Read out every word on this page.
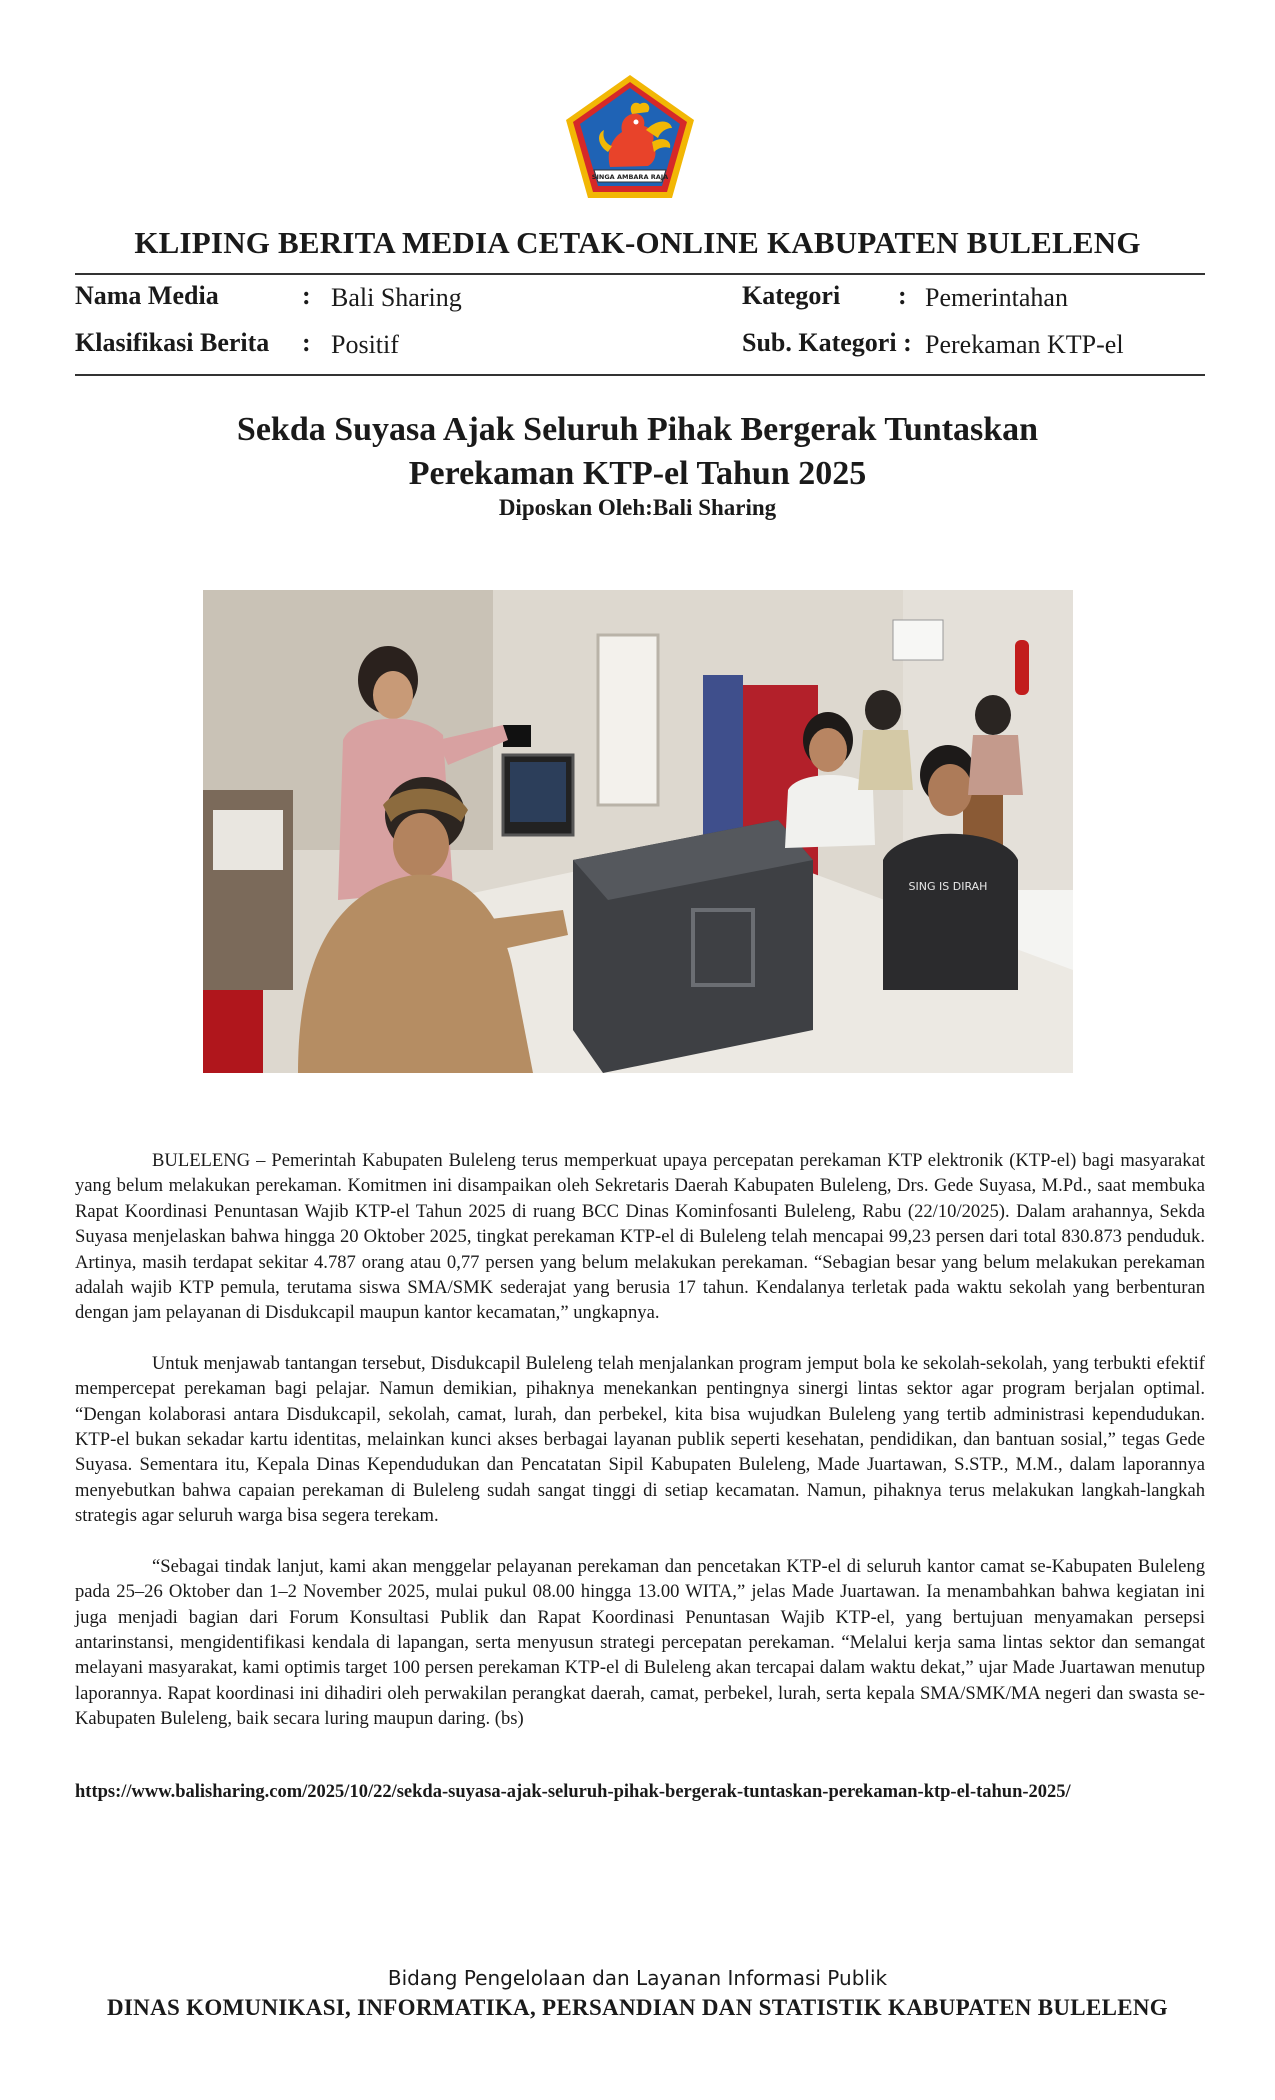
SINGA AMBARA RAJA
KLIPING BERITA MEDIA CETAK-ONLINE KABUPATEN BULELENG
Nama Media	: Bali Sharing	Kategori : Pemerintahan
Klasifikasi Berita : Positif	Sub. Kategori : Perekaman KTP-el
Sekda Suyasa Ajak Seluruh Pihak Bergerak Tuntaskan
Perekaman KTP-el Tahun 2025
Diposkan Oleh:Bali Sharing
SING IS DIRAH

BULELENG – Pemerintah Kabupaten Buleleng terus memperkuat upaya percepatan perekaman KTP elektronik (KTP-el) bagi masyarakat yang belum melakukan perekaman. Komitmen ini disampaikan oleh Sekretaris Daerah Kabupaten Buleleng, Drs. Gede Suyasa, M.Pd., saat membuka Rapat Koordinasi Penuntasan Wajib KTP-el Tahun 2025 di ruang BCC Dinas Kominfosanti Buleleng, Rabu (22/10/2025). Dalam arahannya, Sekda Suyasa menjelaskan bahwa hingga 20 Oktober 2025, tingkat perekaman KTP-el di Buleleng telah mencapai 99,23 persen dari total 830.873 penduduk. Artinya, masih terdapat sekitar 4.787 orang atau 0,77 persen yang belum melakukan perekaman. “Sebagian besar yang belum melakukan perekaman adalah wajib KTP pemula, terutama siswa SMA/SMK sederajat yang berusia 17 tahun. Kendalanya terletak pada waktu sekolah yang berbenturan dengan jam pelayanan di Disdukcapil maupun kantor kecamatan,” ungkapnya.

Untuk menjawab tantangan tersebut, Disdukcapil Buleleng telah menjalankan program jemput bola ke sekolah-sekolah, yang terbukti efektif mempercepat perekaman bagi pelajar. Namun demikian, pihaknya menekankan pentingnya sinergi lintas sektor agar program berjalan optimal. “Dengan kolaborasi antara Disdukcapil, sekolah, camat, lurah, dan perbekel, kita bisa wujudkan Buleleng yang tertib administrasi kependudukan. KTP-el bukan sekadar kartu identitas, melainkan kunci akses berbagai layanan publik seperti kesehatan, pendidikan, dan bantuan sosial,” tegas Gede Suyasa. Sementara itu, Kepala Dinas Kependudukan dan Pencatatan Sipil Kabupaten Buleleng, Made Juartawan, S.STP., M.M., dalam laporannya menyebutkan bahwa capaian perekaman di Buleleng sudah sangat tinggi di setiap kecamatan. Namun, pihaknya terus melakukan langkah-langkah strategis agar seluruh warga bisa segera terekam.

“Sebagai tindak lanjut, kami akan menggelar pelayanan perekaman dan pencetakan KTP-el di seluruh kantor camat se-Kabupaten Buleleng pada 25–26 Oktober dan 1–2 November 2025, mulai pukul 08.00 hingga 13.00 WITA,” jelas Made Juartawan. Ia menambahkan bahwa kegiatan ini juga menjadi bagian dari Forum Konsultasi Publik dan Rapat Koordinasi Penuntasan Wajib KTP-el, yang bertujuan menyamakan persepsi antarinstansi, mengidentifikasi kendala di lapangan, serta menyusun strategi percepatan perekaman. “Melalui kerja sama lintas sektor dan semangat melayani masyarakat, kami optimis target 100 persen perekaman KTP-el di Buleleng akan tercapai dalam waktu dekat,” ujar Made Juartawan menutup laporannya. Rapat koordinasi ini dihadiri oleh perwakilan perangkat daerah, camat, perbekel, lurah, serta kepala SMA/SMK/MA negeri dan swasta se-Kabupaten Buleleng, baik secara luring maupun daring. (bs)

https://www.balisharing.com/2025/10/22/sekda-suyasa-ajak-seluruh-pihak-bergerak-tuntaskan-perekaman-ktp-el-tahun-2025/
Bidang Pengelolaan dan Layanan Informasi Publik
DINAS KOMUNIKASI, INFORMATIKA, PERSANDIAN DAN STATISTIK KABUPATEN BULELENG
